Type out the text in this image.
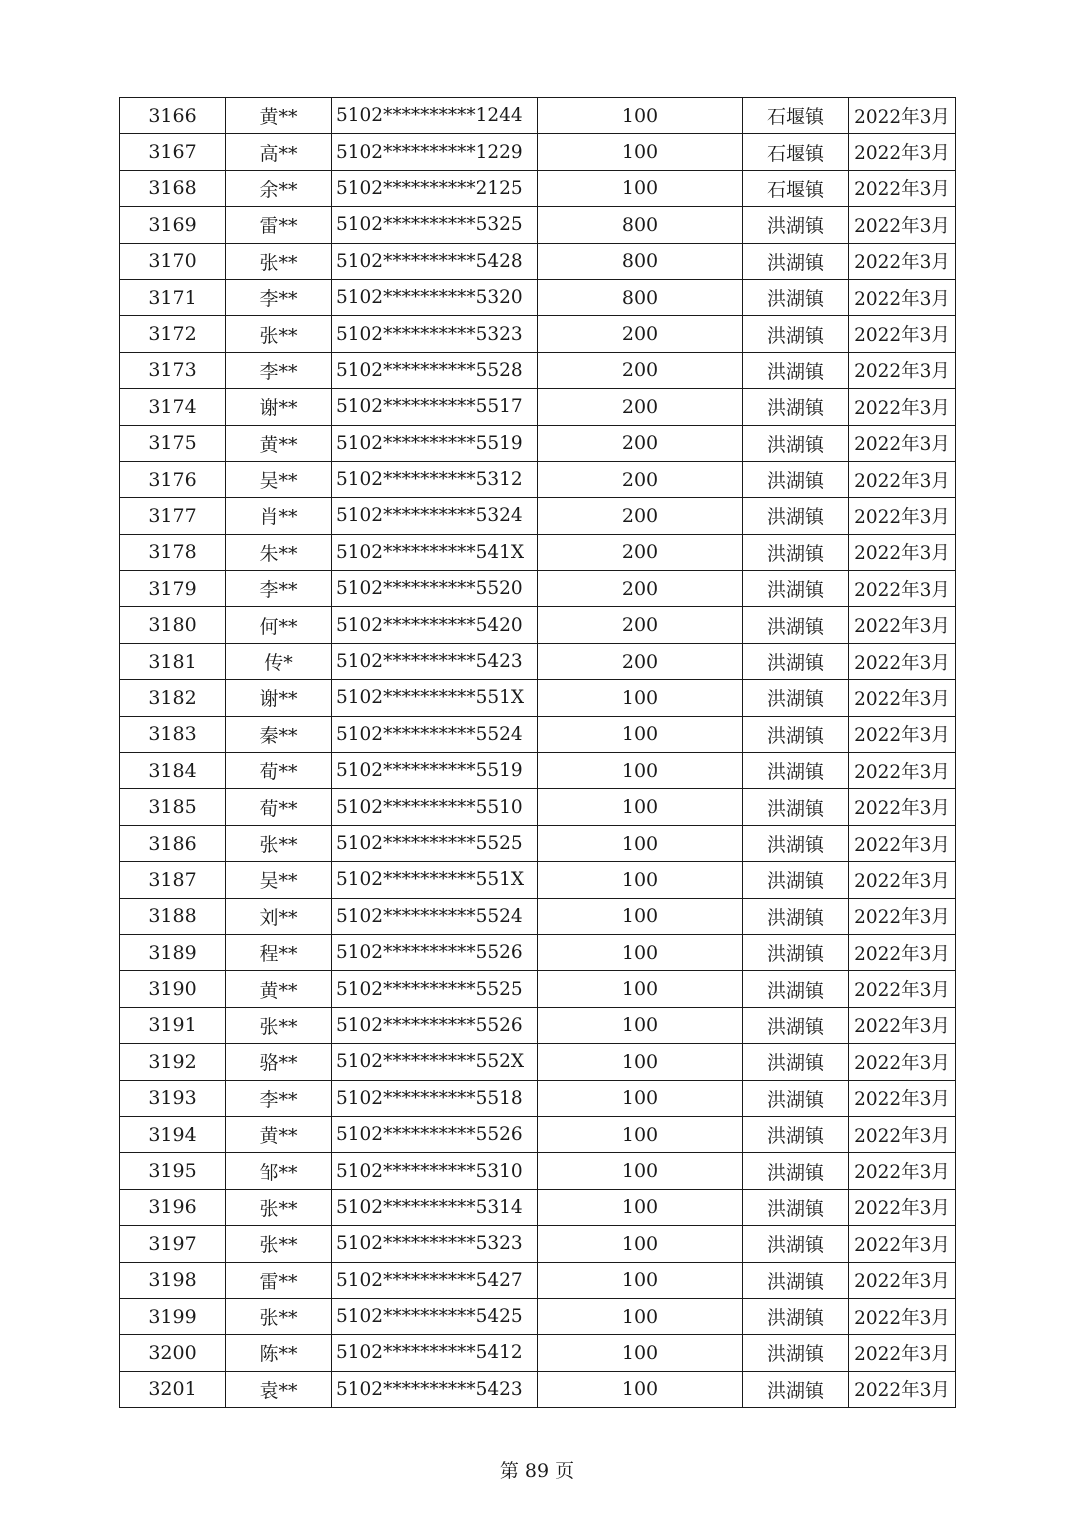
3166	黄**	5102**********1244	100	石堰镇	2022年3月
3167	高**	5102**********1229	100	石堰镇	2022年3月
3168	余**	5102**********2125	100	石堰镇	2022年3月
3169	雷**	5102**********5325	800	洪湖镇	2022年3月
3170	张**	5102**********5428	800	洪湖镇	2022年3月
3171	李**	5102**********5320	800	洪湖镇	2022年3月
3172	张**	5102**********5323	200	洪湖镇	2022年3月
3173	李**	5102**********5528	200	洪湖镇	2022年3月
3174	谢**	5102**********5517	200	洪湖镇	2022年3月
3175	黄**	5102**********5519	200	洪湖镇	2022年3月
3176	吴**	5102**********5312	200	洪湖镇	2022年3月
3177	肖**	5102**********5324	200	洪湖镇	2022年3月
3178	朱**	5102**********541X	200	洪湖镇	2022年3月
3179	李**	5102**********5520	200	洪湖镇	2022年3月
3180	何**	5102**********5420	200	洪湖镇	2022年3月
3181	传*	5102**********5423	200	洪湖镇	2022年3月
3182	谢**	5102**********551X	100	洪湖镇	2022年3月
3183	秦**	5102**********5524	100	洪湖镇	2022年3月
3184	荀**	5102**********5519	100	洪湖镇	2022年3月
3185	荀**	5102**********5510	100	洪湖镇	2022年3月
3186	张**	5102**********5525	100	洪湖镇	2022年3月
3187	吴**	5102**********551X	100	洪湖镇	2022年3月
3188	刘**	5102**********5524	100	洪湖镇	2022年3月
3189	程**	5102**********5526	100	洪湖镇	2022年3月
3190	黄**	5102**********5525	100	洪湖镇	2022年3月
3191	张**	5102**********5526	100	洪湖镇	2022年3月
3192	骆**	5102**********552X	100	洪湖镇	2022年3月
3193	李**	5102**********5518	100	洪湖镇	2022年3月
3194	黄**	5102**********5526	100	洪湖镇	2022年3月
3195	邹**	5102**********5310	100	洪湖镇	2022年3月
3196	张**	5102**********5314	100	洪湖镇	2022年3月
3197	张**	5102**********5323	100	洪湖镇	2022年3月
3198	雷**	5102**********5427	100	洪湖镇	2022年3月
3199	张**	5102**********5425	100	洪湖镇	2022年3月
3200	陈**	5102**********5412	100	洪湖镇	2022年3月
3201	袁**	5102**********5423	100	洪湖镇	2022年3月
第 89 页
